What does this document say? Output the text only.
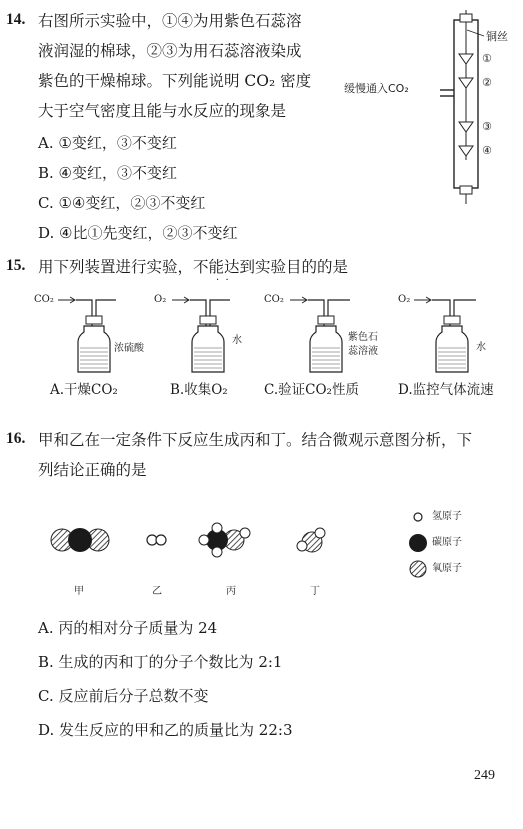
14. 右图所示实验中，①④为用紫色石蕊溶
液润湿的棉球，②③为用石蕊溶液染成
紫色的干燥棉球。下列能说明 CO₂ 密度
大于空气密度且能与水反应的现象是
A. ①变红，③不变红
B. ④变红，③不变红
C. ①④变红，②③不变红
D. ④比①先变红，②③不变红
铜丝
①
②
③
④
缓慢通入CO₂
15. 用下列装置进行实验，不能达到实验目的的是
·  ·
CO₂
浓硫酸
A.干燥CO₂
O₂
水
B.收集O₂
CO₂
紫色石
蕊溶液
C.验证CO₂性质
O₂
水
D.监控气体流速
16. 甲和乙在一定条件下反应生成丙和丁。结合微观示意图分析，下
列结论正确的是
甲	乙	丙	丁
氢原子
碳原子
氧原子
A. 丙的相对分子质量为 24
B. 生成的丙和丁的分子个数比为 2:1
C. 反应前后分子总数不变
D. 发生反应的甲和乙的质量比为 22:3
249
